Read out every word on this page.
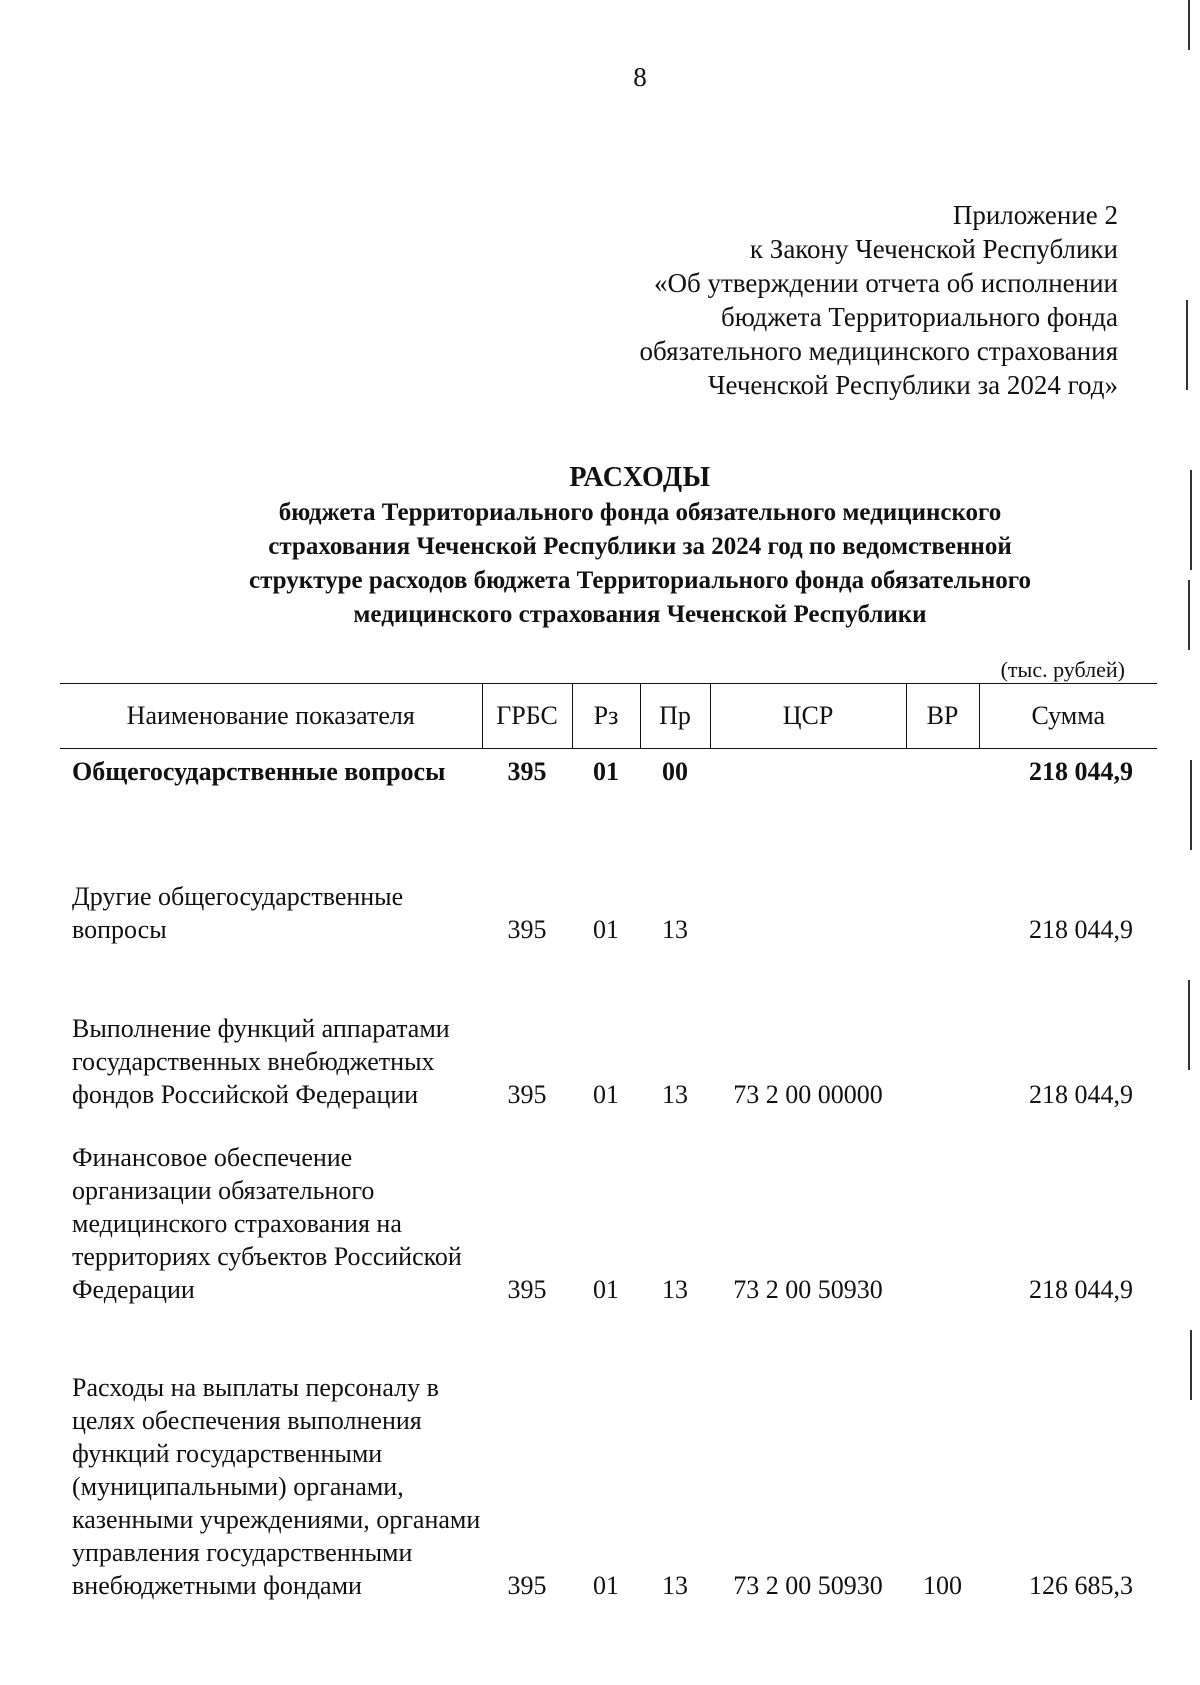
8
Приложение 2
к Закону Чеченской Республики
«Об утверждении отчета об исполнении
бюджета Территориального фонда
обязательного медицинского страхования
Чеченской Республики за 2024 год»
РАСХОДЫ
бюджета Территориального фонда обязательного медицинского
страхования Чеченской Республики за 2024 год по ведомственной
структуре расходов бюджета Территориального фонда обязательного
медицинского страхования Чеченской Республики
(тыс. рублей)
Наименование показателя	ГРБС	Рз	Пр	ЦСР	ВР	Сумма
Общегосударственные вопросы	395	01	00			218 044,9
Другие общегосударственные вопросы	395	01	13			218 044,9
Выполнение функций аппаратами государственных внебюджетных фондов Российской Федерации	395	01	13	73 2 00 00000		218 044,9
Финансовое обеспечение организации обязательного медицинского страхования на территориях субъектов Российской Федерации	395	01	13	73 2 00 50930		218 044,9
Расходы на выплаты персоналу в целях обеспечения выполнения функций государственными (муниципальными) органами, казенными учреждениями, органами управления государственными внебюджетными фондами	395	01	13	73 2 00 50930	100	126 685,3
